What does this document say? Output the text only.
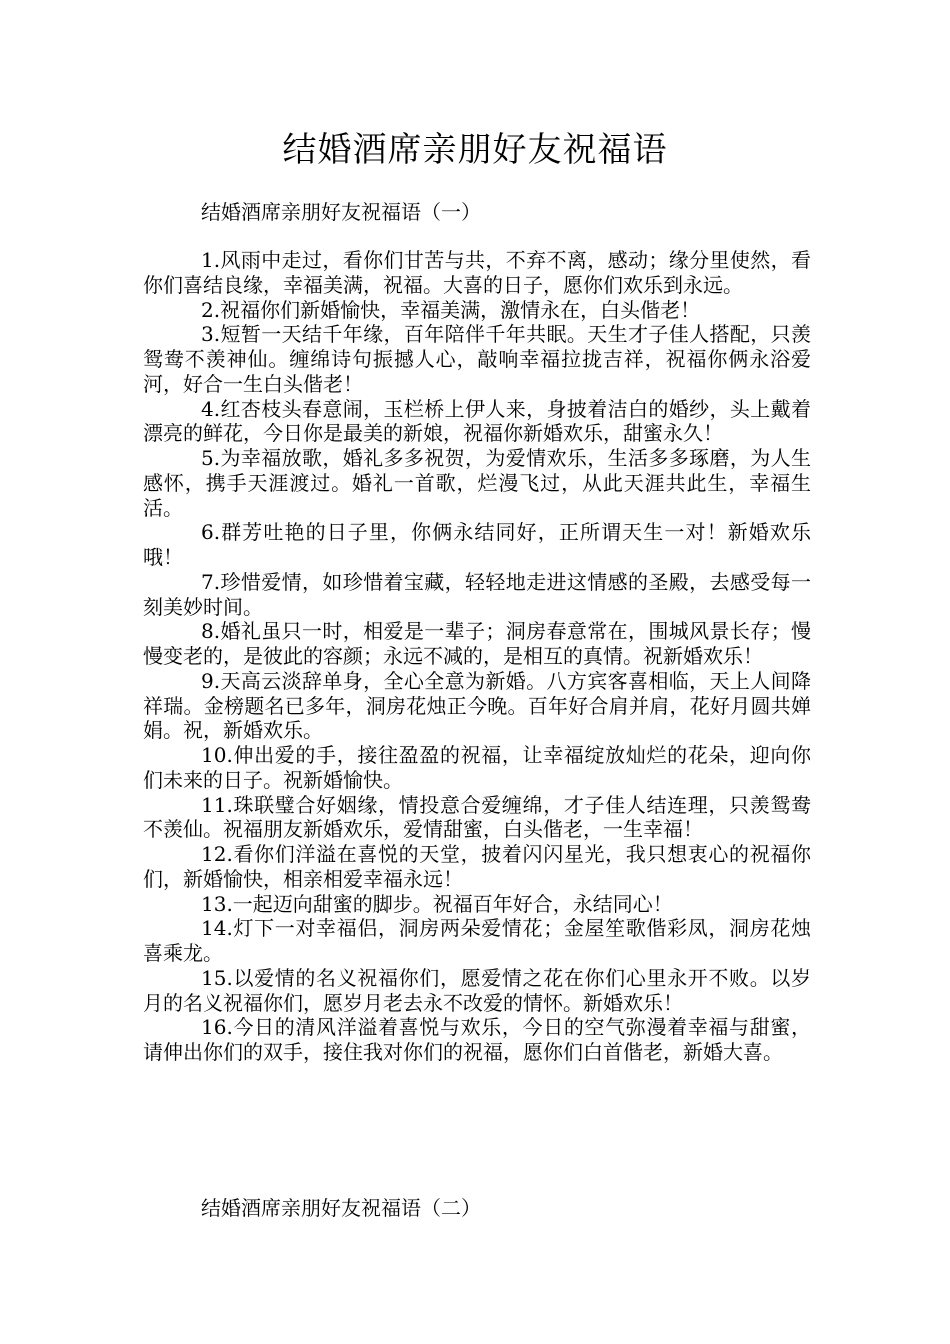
结婚酒席亲朋好友祝福语
结婚酒席亲朋好友祝福语（一）

1.风雨中走过，看你们甘苦与共，不弃不离，感动；缘分里使然，看你们喜结良缘，幸福美满，祝福。大喜的日子，愿你们欢乐到永远。

2.祝福你们新婚愉快，幸福美满，激情永在，白头偕老！

3.短暂一天结千年缘，百年陪伴千年共眠。天生才子佳人搭配，只羡鸳鸯不羡神仙。缠绵诗句振撼人心，敲响幸福拉拢吉祥，祝福你俩永浴爱河，好合一生白头偕老！

4.红杏枝头春意闹，玉栏桥上伊人来，身披着洁白的婚纱，头上戴着漂亮的鲜花，今日你是最美的新娘，祝福你新婚欢乐，甜蜜永久！

5.为幸福放歌，婚礼多多祝贺，为爱情欢乐，生活多多琢磨，为人生感怀，携手天涯渡过。婚礼一首歌，烂漫飞过，从此天涯共此生，幸福生活。

6.群芳吐艳的日子里，你俩永结同好，正所谓天生一对！新婚欢乐哦！

7.珍惜爱情，如珍惜着宝藏，轻轻地走进这情感的圣殿，去感受每一刻美妙时间。

8.婚礼虽只一时，相爱是一辈子；洞房春意常在，围城风景长存；慢慢变老的，是彼此的容颜；永远不减的，是相互的真情。祝新婚欢乐！

9.天高云淡辞单身，全心全意为新婚。八方宾客喜相临，天上人间降祥瑞。金榜题名已多年，洞房花烛正今晚。百年好合肩并肩，花好月圆共婵娟。祝，新婚欢乐。

10.伸出爱的手，接往盈盈的祝福，让幸福绽放灿烂的花朵，迎向你们未来的日子。祝新婚愉快。

11.珠联璧合好姻缘，情投意合爱缠绵，才子佳人结连理，只羡鸳鸯不羡仙。祝福朋友新婚欢乐，爱情甜蜜，白头偕老，一生幸福！

12.看你们洋溢在喜悦的天堂，披着闪闪星光，我只想衷心的祝福你们，新婚愉快，相亲相爱幸福永远！

13.一起迈向甜蜜的脚步。祝福百年好合，永结同心！

14.灯下一对幸福侣，洞房两朵爱情花；金屋笙歌偕彩凤，洞房花烛喜乘龙。

15.以爱情的名义祝福你们，愿爱情之花在你们心里永开不败。以岁月的名义祝福你们，愿岁月老去永不改爱的情怀。新婚欢乐！

16.今日的清风洋溢着喜悦与欢乐，今日的空气弥漫着幸福与甜蜜，请伸出你们的双手，接住我对你们的祝福，愿你们白首偕老，新婚大喜。

结婚酒席亲朋好友祝福语（二）
